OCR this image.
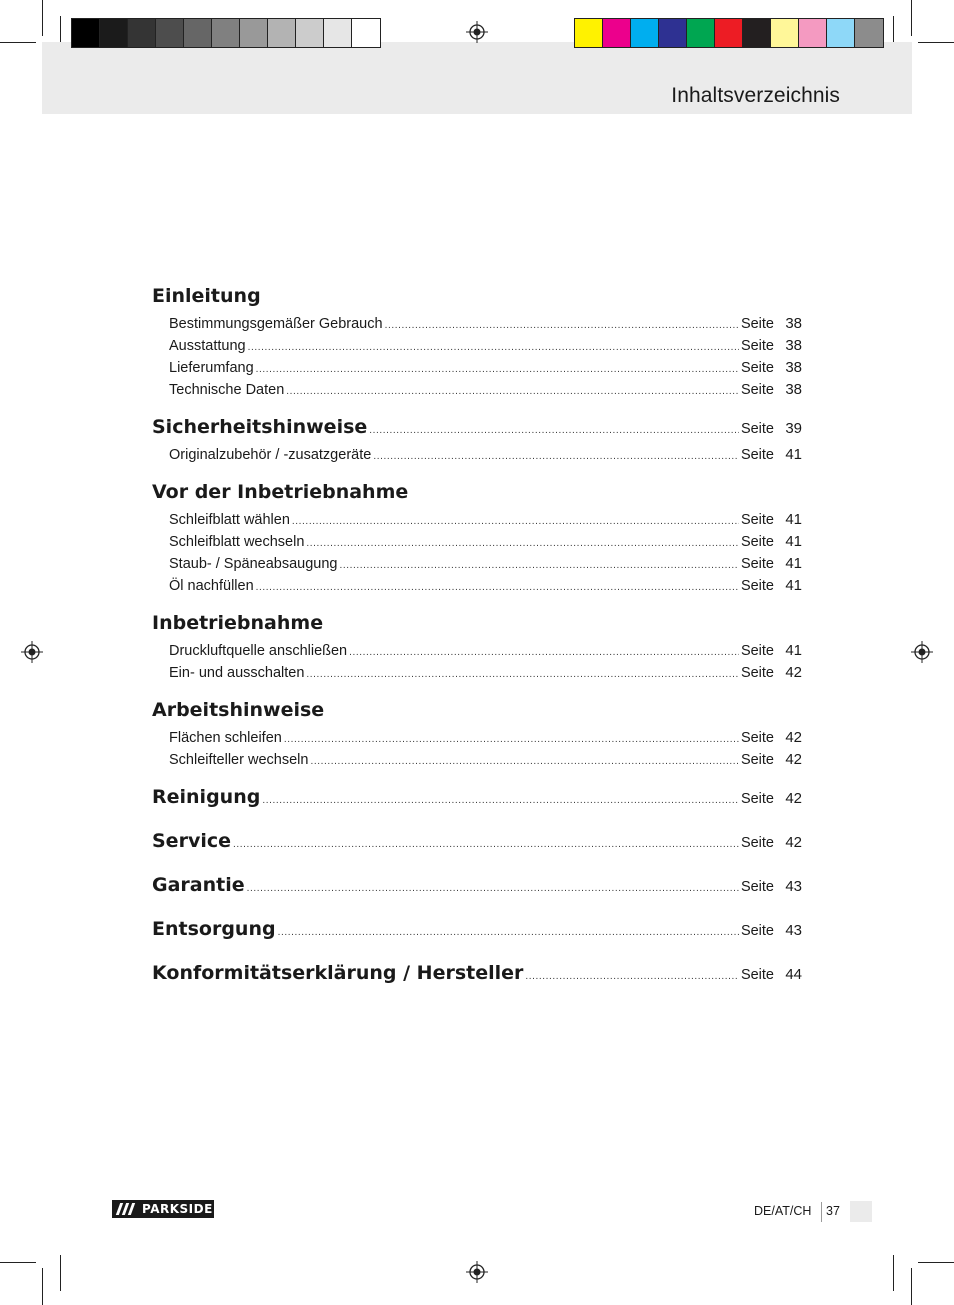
Inhaltsverzeichnis
Einleitung
Bestimmungsgemäßer Gebrauch .....	Seite 38
Ausstattung .....	Seite 38
Lieferumfang .....	Seite 38
Technische Daten .....	Seite 38
Sicherheitshinweise .....	Seite 39
Originalzubehör / -zusatzgeräte .....	Seite 41
Vor der Inbetriebnahme
Schleifblatt wählen .....	Seite 41
Schleifblatt wechseln .....	Seite 41
Staub- / Späneabsaugung .....	Seite 41
Öl nachfüllen .....	Seite 41
Inbetriebnahme
Druckluftquelle anschließen .....	Seite 41
Ein- und ausschalten .....	Seite 42
Arbeitshinweise
Flächen schleifen .....	Seite 42
Schleifteller wechseln .....	Seite 42
Reinigung .....	Seite 42
Service .....	Seite 42
Garantie .....	Seite 43
Entsorgung .....	Seite 43
Konformitätserklärung / Hersteller .....	Seite 44
PARKSIDE	DE/AT/CH 37
